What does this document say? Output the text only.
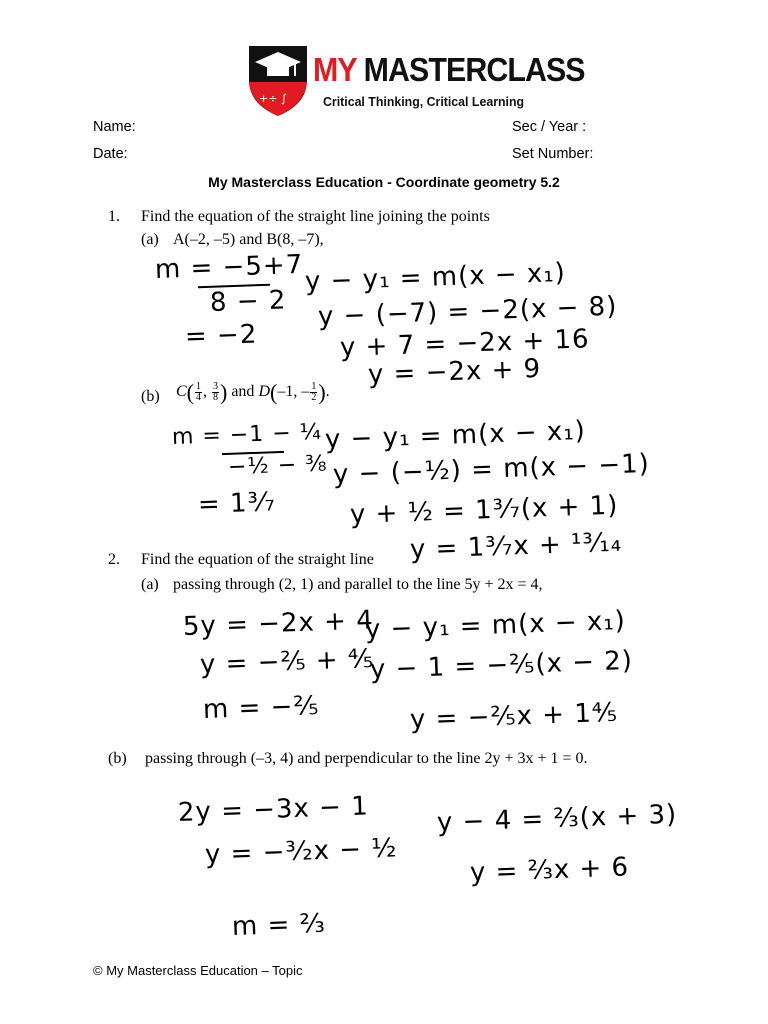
+÷ ∫
MY MASTERCLASS
Critical Thinking, Critical Learning
Name:
Date:
Sec / Year :
Set Number:
My Masterclass Education - Coordinate geometry 5.2
1. Find the equation of the straight line joining the points
(a) A(–2, –5) and B(8, –7),
m = −5+7
8 − 2
= −2
y − y₁ = m(x − x₁)
y − (−7) = −2(x − 8)
y + 7 = −2x + 16
y = −2x + 9
(b) $C( \frac{1}{4}$ , $\frac{3}{8}$ ) and D(–1, – $\frac{1}{2}$ ).
m = −1 − ¼
−½ − ⅜
= 1³⁄₇
y − y₁ = m(x − x₁)
y − (−½) = m(x − −1)
y + ½ = 1³⁄₇(x + 1)
y = 1³⁄₇x + ¹³⁄₁₄
2. Find the equation of the straight line
(a) passing through (2, 1) and parallel to the line 5y + 2x = 4,
5y = −2x + 4
y = −⅖ + ⅘
m = −⅖
y − y₁ = m(x − x₁)
y − 1 = −⅖(x − 2)
y = −⅖x + 1⅘
(b) passing through (–3, 4) and perpendicular to the line 2y + 3x + 1 = 0.
2y = −3x − 1
y = −³⁄₂x − ½
m = ⅔
y − 4 = ⅔(x + 3)
y = ⅔x + 6
© My Masterclass Education – Topic
